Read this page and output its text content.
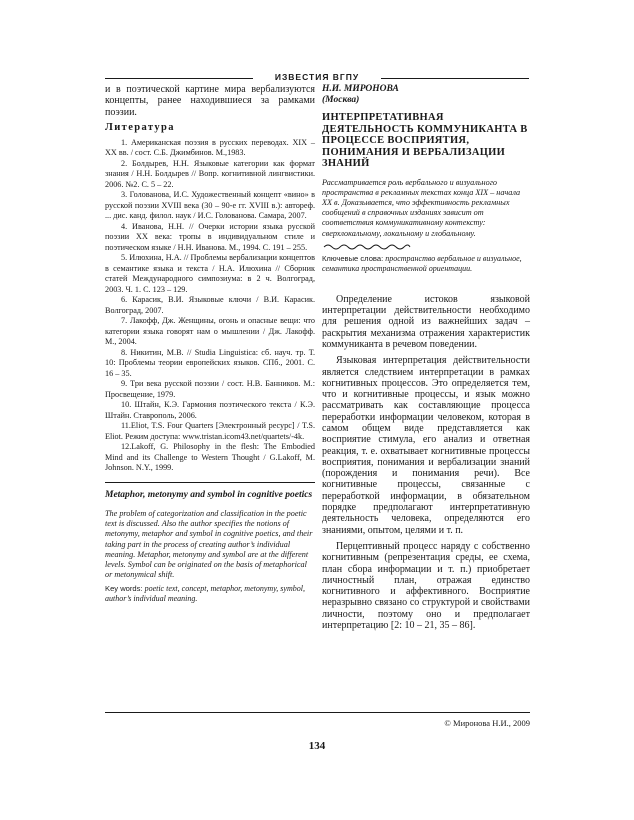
ИЗВЕСТИЯ ВГПУ

и в поэтической картине мира вербализуются концепты, ранее находившиеся за рамками поэзии.

Литература

1. Американская поэзия в русских переводах. XIX – XX вв. / сост. С.Б. Джимбинов. М.,1983.

2. Болдырев, Н.Н. Языковые категории как формат знания / Н.Н. Болдырев // Вопр. когнитивной лингвистики. 2006. №2. С. 5 – 22.

3. Голованова, И.С. Художественный концепт «вино» в русской поэзии XVIII века (30 – 90-е гг. XVIII в.): автореф. ... дис. канд. филол. наук / И.С. Голованова. Самара, 2007.

4. Иванова, Н.Н. // Очерки истории языка русской поэзии XX века: тропы в индивидуальном стиле и поэтическом языке / Н.Н. Иванова. М., 1994. С. 191 – 255.

5. Илюхина, Н.А. // Проблемы вербализации концептов в семантике языка и текста / Н.А. Илюхина // Сборник статей Международного симпозиума: в 2 ч. Волгоград, 2003. Ч. 1. С. 123 – 129.

6. Карасик, В.И. Языковые ключи / В.И. Карасик. Волгоград, 2007.

7. Лакофф, Дж. Женщины, огонь и опасные вещи: что категории языка говорят нам о мышлении / Дж. Лакофф. М., 2004.

8. Никитин, М.В. // Studia Linguistica: сб. науч. тр. Т. 10: Проблемы теории европейских языков. СПб., 2001. С. 16 – 35.

9. Три века русской поэзии / сост. Н.В. Банников. М.: Просвещение, 1979.

10. Штайн, К.Э. Гармония поэтического текста / К.Э. Штайн. Ставрополь, 2006.

11.Eliot, T.S. Four Quarters [Электронный ресурс] / T.S. Eliot. Режим доступа: www.tristan.icom43.net/quartets/-4k.

12.Lakoff, G. Philosophy in the flesh: The Embodied Mind and its Challenge to Western Thought / G.Lakoff, M. Johnson. N.Y., 1999.

Metaphor, metonymy and symbol in cognitive poetics
The problem of categorization and classification in the poetic text is discussed. Also the author specifies the notions of metonymy, metaphor and symbol in cognitive poetics, and their taking part in the process of creating author’s individual meaning. Metaphor, metonymy and symbol are at the different levels. Symbol can be originated on the basis of metaphorical or metonymical shift.
Key words: poetic text, concept, metaphor, metonymy, symbol, author’s individual meaning.
Н.И. МИРОНОВА
(Москва)
ИНТЕРПРЕТАТИВНАЯ ДЕЯТЕЛЬНОСТЬ КОММУНИКАНТА В ПРОЦЕССЕ ВОСПРИЯТИЯ, ПОНИМАНИЯ И ВЕРБАЛИЗАЦИИ ЗНАНИЙ
Рассматривается роль вербального и визуального пространства в рекламных текстах конца XIX – начала XX в. Доказывается, что эффективность рекламных сообщений в справочных изданиях зависит от соответствия коммуникативному контексту: сверхлокальному, локальному и глобальному.
Ключевые слова: пространство вербальное и визуальное, семантика пространственной ориентации.

Определение истоков языковой интерпретации действительности необходимо для решения одной из важнейших задач – раскрытия механизма отражения характеристик коммуниканта в речевом поведении.

Языковая интерпретация действительности является следствием интерпретации в рамках когнитивных процессов. Это определяется тем, что и когнитивные процессы, и язык можно рассматривать как составляющие процесса переработки информации человеком, которая в самом общем виде представляется как восприятие стимула, его анализ и ответная реакция, т. е. охватывает когнитивные процессы восприятия, понимания и вербализации знаний (порождения и понимания речи). Все когнитивные процессы, связанные с переработкой информации, в обязательном порядке предполагают интерпретативную деятельность человека, определяются его знаниями, опытом, целями и т. п.

Перцептивный процесс наряду с собственно когнитивным (репрезентация среды, ее схема, план сбора информации и т. п.) приобретает личностный план, отражая единство когнитивного и аффективного. Восприятие неразрывно связано со структурой и свойствами личности, поэтому оно и предполагает интерпретацию [2: 10 – 21, 35 – 86].

© Миронова Н.И., 2009
134
